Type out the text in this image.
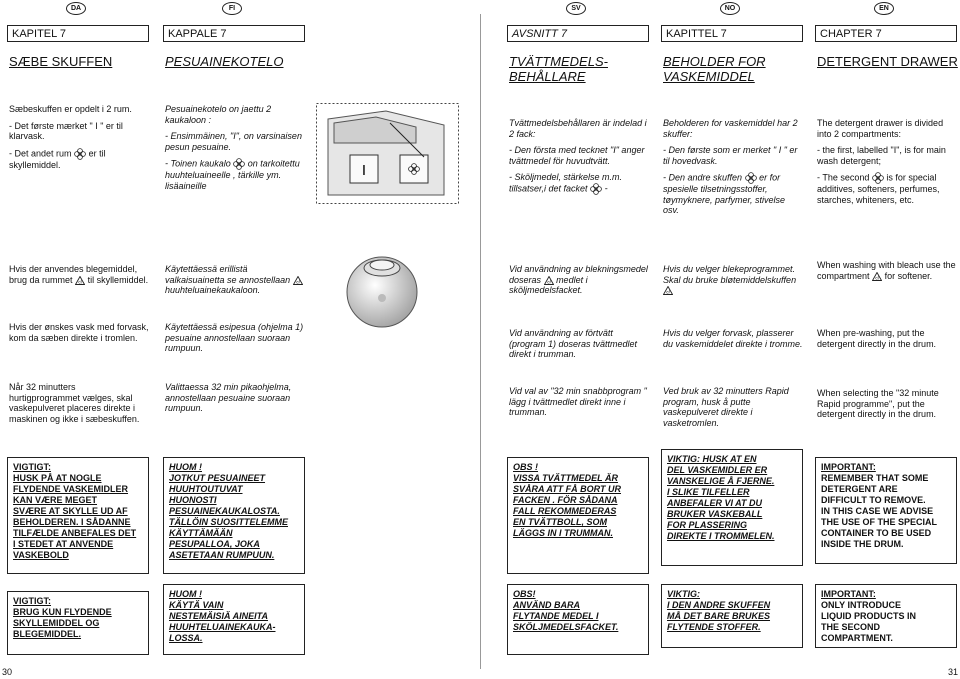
DA	FI	SV	NO	EN
KAPITEL 7
SÆBE SKUFFEN
Sæbeskuffen er opdelt i 2 rum.
- Det første mærket " I " er til klarvask.
- Det andet rum er til skyllemiddel.
Hvis der anvendes blegemiddel, brug da rummet til skyllemiddel.
Hvis der ønskes vask med forvask, kom da sæben direkte i tromlen.
Når 32 minutters hurtigprogrammet vælges, skal vaskepulveret placeres direkte i maskinen og ikke i sæbeskuffen.
VIGTIGT:
HUSK PÅ AT NOGLE
FLYDENDE VASKEMIDLER
KAN VÆRE MEGET
SVÆRE AT SKYLLE UD AF
BEHOLDEREN. I SÅDANNE
TILFÆLDE ANBEFALES DET
I STEDET AT ANVENDE
VASKEBOLD
VIGTIGT:
BRUG KUN FLYDENDE
SKYLLEMIDDEL OG
BLEGEMIDDEL.
KAPPALE 7
PESUAINEKOTELO
Pesuainekotelo on jaettu 2 kaukaloon :
- Ensimmäinen, "I", on varsinaisen pesun pesuaine.
- Toinen kaukalo on tarkoitettu huuhteluaineelle , tärkille ym. lisäaineille
Käytettäessä erillistä valkaisuainetta se annostellaan  huuhteluainekaukaloon.
Käytettäessä esipesua (ohjelma 1) pesuaine annostellaan suoraan rumpuun.
Valittaessa 32 min pikaohjelma, annostellaan pesuaine suoraan rumpuun.
HUOM !
JOTKUT PESUAINEET
HUUHTOUTUVAT
HUONOSTI
PESUAINEKAUKALOSTA.
TÄLLÖIN SUOSITTELEMME
KÄYTTÄMÄÄN
PESUPALLOA, JOKA
ASETETAAN RUMPUUN.
HUOM !
KÄYTÄ VAIN
NESTEMÄISIÄ AINEITA
HUUHTELUAINEKAUKA-
LOSSA.
I
AVSNITT 7
TVÄTTMEDELS-BEHÅLLARE
Tvättmedelsbehållaren är indelad i 2 fack:
- Den första med tecknet "I" anger tvättmedel för huvudtvätt.
- Sköljmedel, stärkelse m.m. tillsatser,i det facket -
Vid användning av blekningsmedel doseras medlet i sköljmedelsfacket.
Vid användning av förtvätt (program 1) doseras tvättmedlet direkt i trumman.
Vid val av "32 min snabbprogram " lägg i tvättmedlet direkt inne i trumman.
OBS !
VISSA TVÄTTMEDEL ÄR
SVÅRA ATT FÅ BORT UR
FACKEN . FÖR SÅDANA
FALL REKOMMEDERAS
EN TVÄTTBOLL, SOM
LÄGGS IN I TRUMMAN.
OBS!
ANVÄND BARA
FLYTANDE MEDEL I
SKÖLJMEDELSFACKET.
KAPITTEL 7
BEHOLDER FOR VASKEMIDDEL
Beholderen for vaskemiddel har 2 skuffer:
- Den første som er merket " I " er til hovedvask.
- Den andre skuffen er for spesielle tilsetningsstoffer, tøymyknere, parfymer, stivelse osv.
Hvis du velger blekeprogrammet. Skal du bruke bløtemiddelskuffen
Hvis du velger forvask, plasserer du vaskemiddelet direkte i tromme.
Ved bruk av 32 minutters Rapid program, husk å putte vaskepulveret direkte i vasketromlen.
VIKTIG: HUSK AT EN
DEL VASKEMIDLER ER
VANSKELIGE Å FJERNE.
I SLIKE TILFELLER
ANBEFALER VI AT DU
BRUKER VASKEBALL
FOR PLASSERING
DIREKTE I TROMMELEN.
VIKTIG:
I DEN ANDRE SKUFFEN
MÅ DET BARE BRUKES
FLYTENDE STOFFER.
CHAPTER 7
DETERGENT DRAWER
The detergent drawer is divided into 2 compartments:
- the first, labelled "I", is for main wash detergent;
- The second is for special additives, softeners, perfumes, starches, whiteners, etc.
When washing with bleach use the compartment for softener.
When pre-washing, put the detergent directly in the drum.
When selecting the "32 minute Rapid programme", put the detergent directly in the drum.
IMPORTANT:
REMEMBER THAT SOME
DETERGENT ARE
DIFFICULT TO REMOVE.
IN THIS CASE WE ADVISE
THE USE OF THE SPECIAL
CONTAINER TO BE USED
INSIDE THE DRUM.
IMPORTANT:
ONLY INTRODUCE
LIQUID PRODUCTS IN
THE SECOND
COMPARTMENT.
30	31
